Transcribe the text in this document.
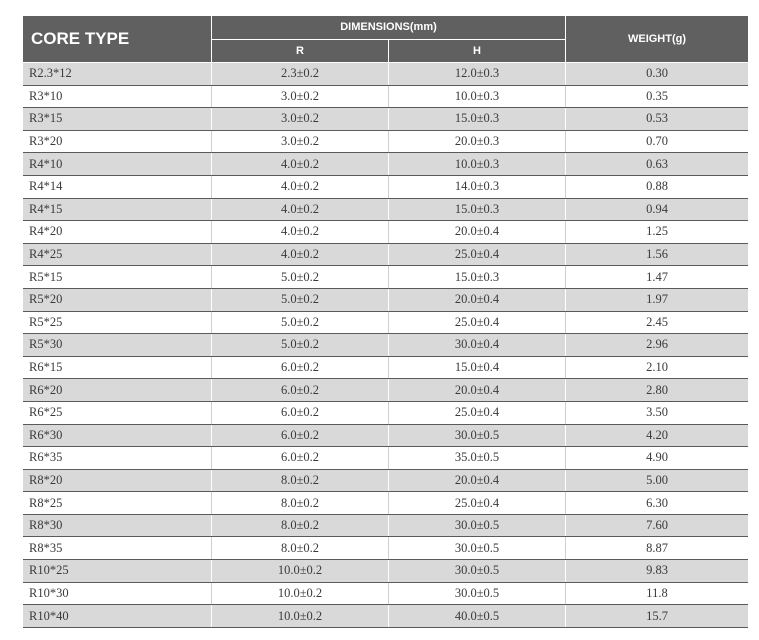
CORE TYPE	DIMENSIONS(mm)		WEIGHT(g)
	R	H	
R2.3*12	2.3±0.2	12.0±0.3	0.30
R3*10	3.0±0.2	10.0±0.3	0.35
R3*15	3.0±0.2	15.0±0.3	0.53
R3*20	3.0±0.2	20.0±0.3	0.70
R4*10	4.0±0.2	10.0±0.3	0.63
R4*14	4.0±0.2	14.0±0.3	0.88
R4*15	4.0±0.2	15.0±0.3	0.94
R4*20	4.0±0.2	20.0±0.4	1.25
R4*25	4.0±0.2	25.0±0.4	1.56
R5*15	5.0±0.2	15.0±0.3	1.47
R5*20	5.0±0.2	20.0±0.4	1.97
R5*25	5.0±0.2	25.0±0.4	2.45
R5*30	5.0±0.2	30.0±0.4	2.96
R6*15	6.0±0.2	15.0±0.4	2.10
R6*20	6.0±0.2	20.0±0.4	2.80
R6*25	6.0±0.2	25.0±0.4	3.50
R6*30	6.0±0.2	30.0±0.5	4.20
R6*35	6.0±0.2	35.0±0.5	4.90
R8*20	8.0±0.2	20.0±0.4	5.00
R8*25	8.0±0.2	25.0±0.4	6.30
R8*30	8.0±0.2	30.0±0.5	7.60
R8*35	8.0±0.2	30.0±0.5	8.87
R10*25	10.0±0.2	30.0±0.5	9.83
R10*30	10.0±0.2	30.0±0.5	11.8
R10*40	10.0±0.2	40.0±0.5	15.7
